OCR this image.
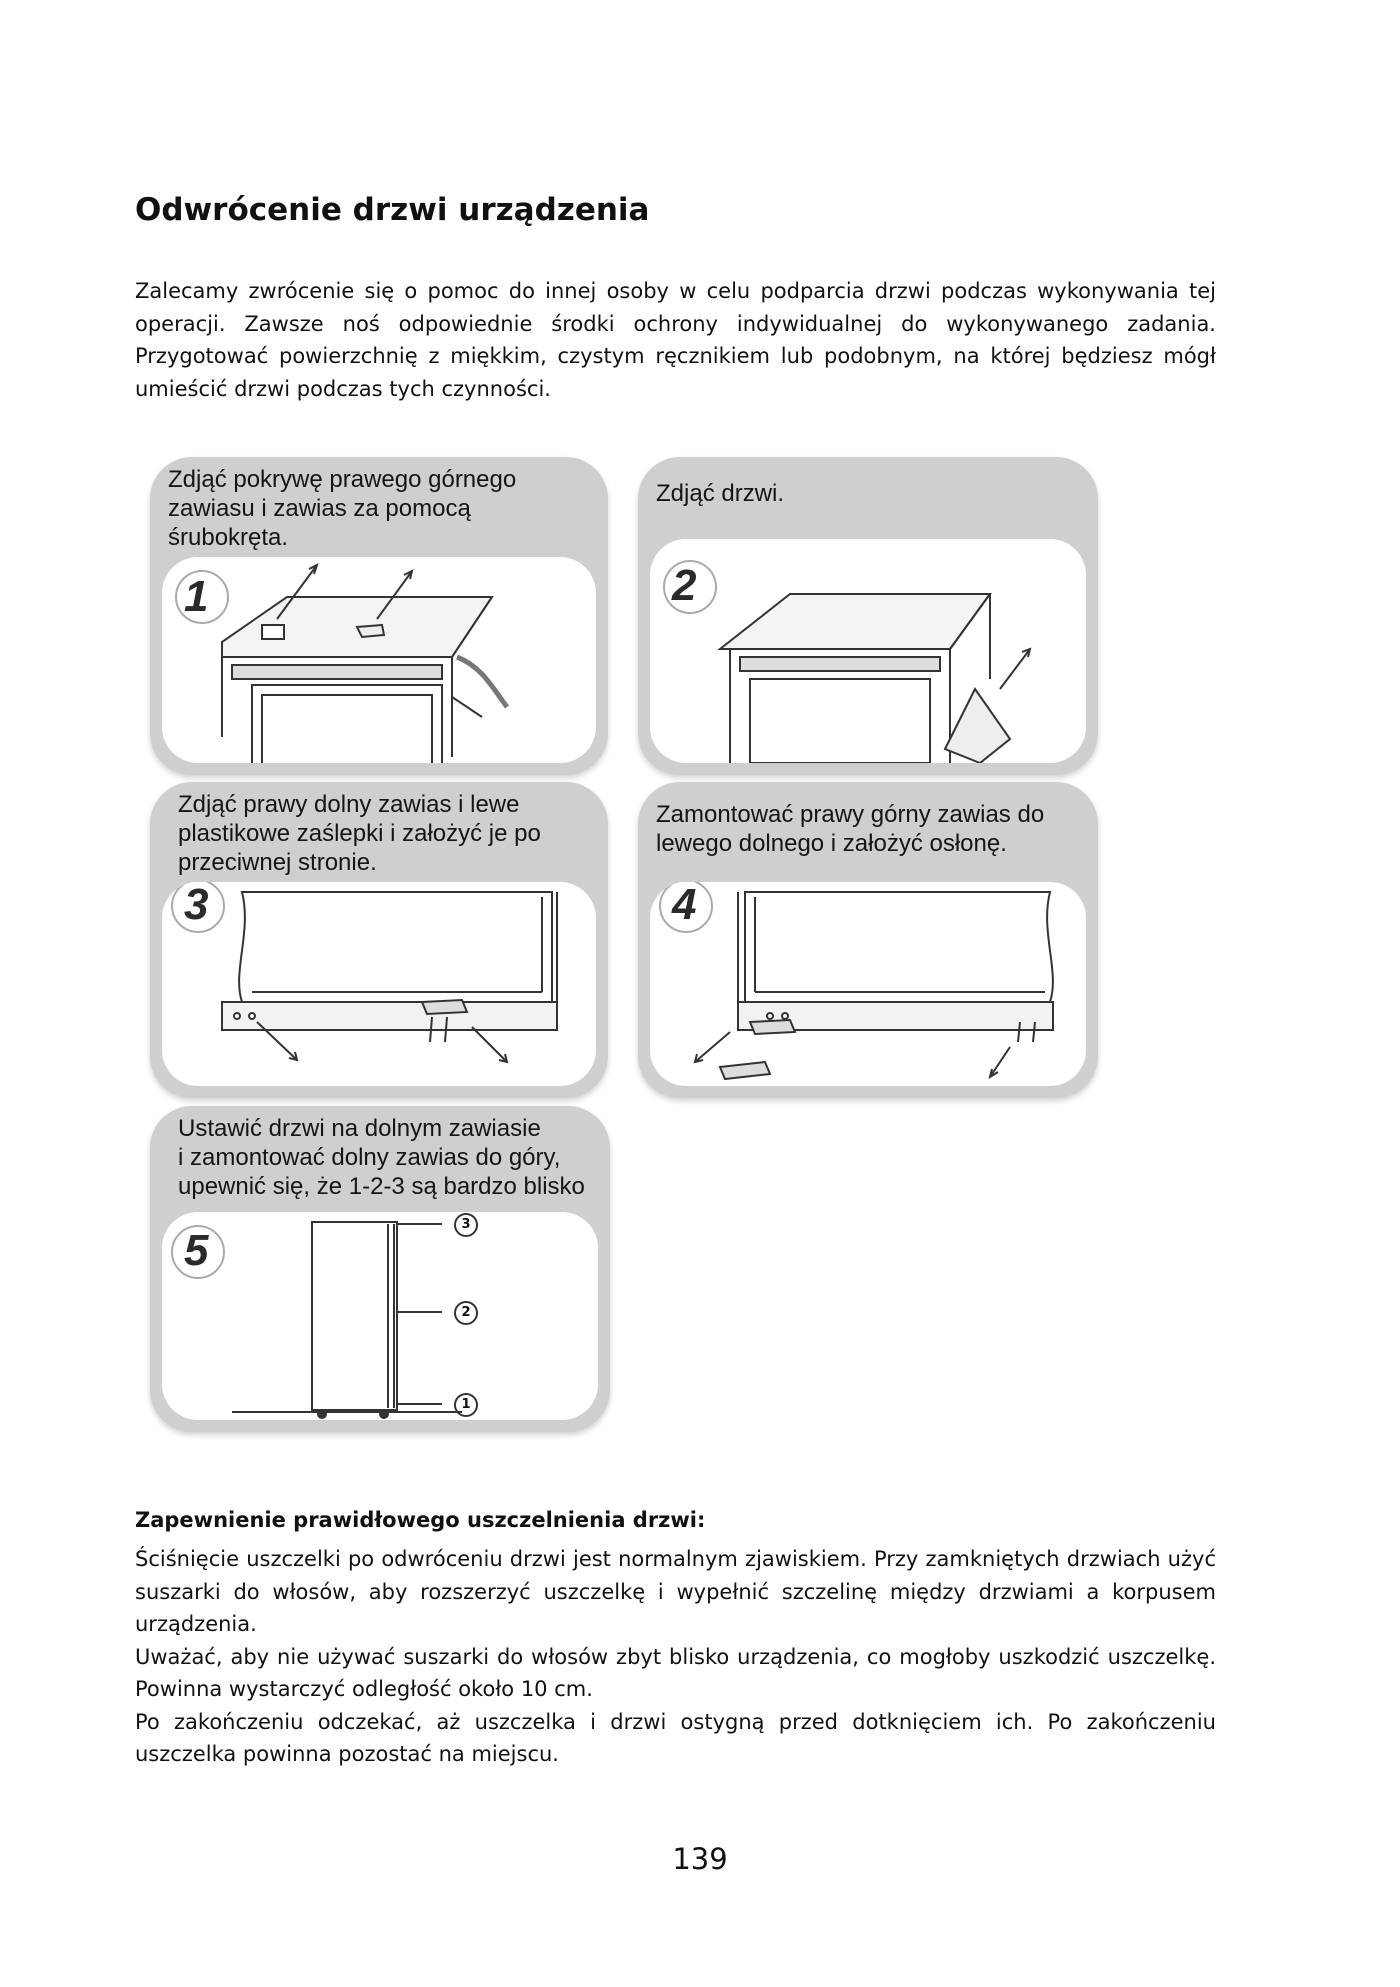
Odwrócenie drzwi urządzenia

Zalecamy zwrócenie się o pomoc do innej osoby w celu podparcia drzwi podczas wykonywania tej operacji. Zawsze noś odpowiednie środki ochrony indywidualnej do wykonywanego zadania. Przygotować powierzchnię z miękkim, czystym ręcznikiem lub podobnym, na której będziesz mógł umieścić drzwi podczas tych czynności.

Zdjąć pokrywę prawego górnego
zawiasu i zawias za pomocą
śrubokręta.
1
Zdjąć drzwi.
2
Zdjąć prawy dolny zawias i lewe
plastikowe zaślepki i założyć je po
przeciwnej stronie.
3
Zamontować prawy górny zawias do
lewego dolnego i założyć osłonę.
4
Ustawić drzwi na dolnym zawiasie
i zamontować dolny zawias do góry,
upewnić się, że 1-2-3 są bardzo blisko
5
3
2
1
Zapewnienie prawidłowego uszczelnienia drzwi:

Ściśnięcie uszczelki po odwróceniu drzwi jest normalnym zjawiskiem. Przy zamkniętych drzwiach użyć suszarki do włosów, aby rozszerzyć uszczelkę i wypełnić szczelinę między drzwiami a korpusem urządzenia.

Uważać, aby nie używać suszarki do włosów zbyt blisko urządzenia, co mogłoby uszkodzić uszczelkę. Powinna wystarczyć odległość około 10 cm.

Po zakończeniu odczekać, aż uszczelka i drzwi ostygną przed dotknięciem ich. Po zakończeniu uszczelka powinna pozostać na miejscu.

139
